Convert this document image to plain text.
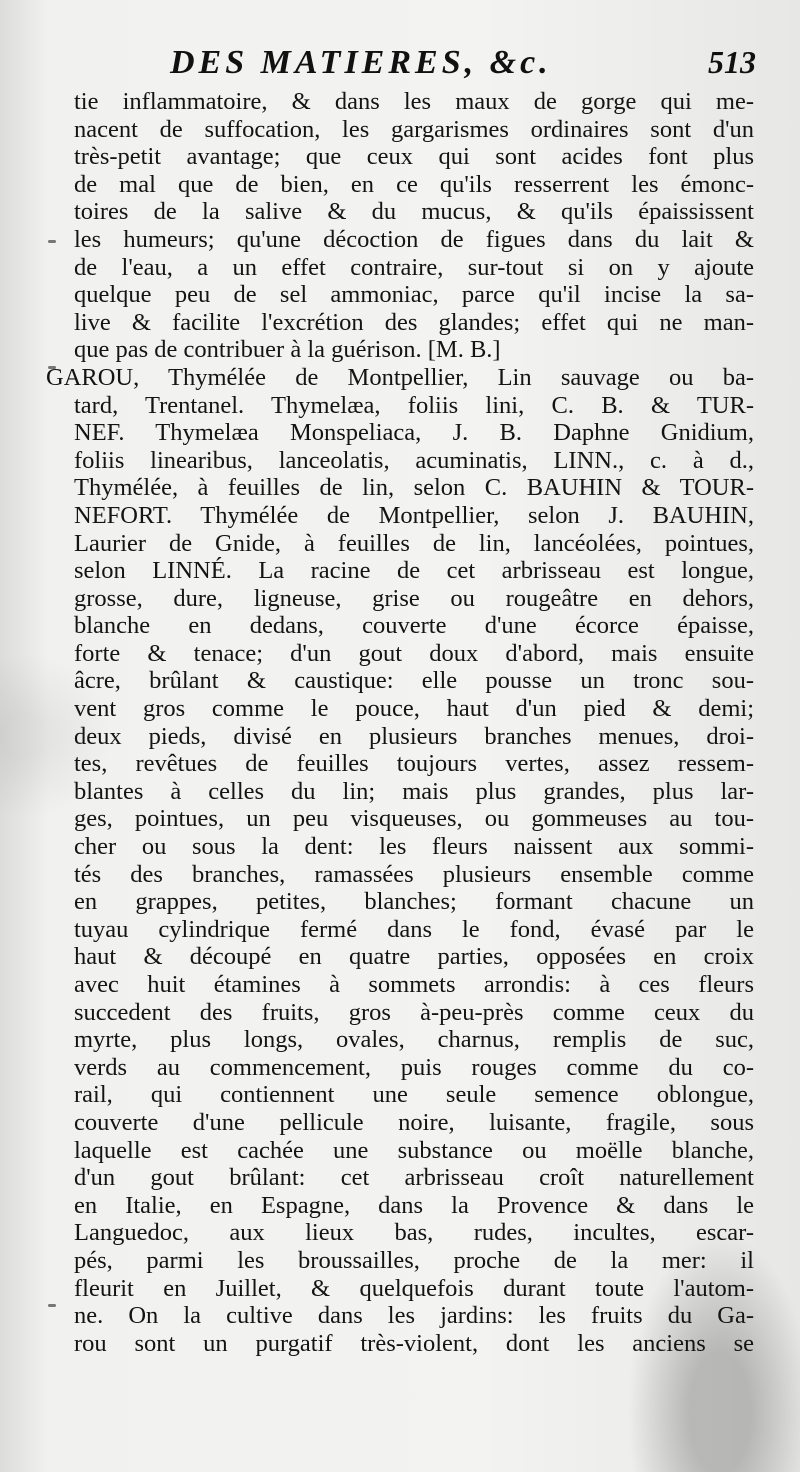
DES MATIERES, &c.	513
tie inflammatoire, & dans les maux de gorge qui me-
nacent de suffocation, les gargarismes ordinaires sont d'un
très-petit avantage; que ceux qui sont acides font plus
de mal que de bien, en ce qu'ils resserrent les émonc-
toires de la salive & du mucus, & qu'ils épaississent
les humeurs; qu'une décoction de figues dans du lait &
de l'eau, a un effet contraire, sur-tout si on y ajoute
quelque peu de sel ammoniac, parce qu'il incise la sa-
live & facilite l'excrétion des glandes; effet qui ne man-
que pas de contribuer à la guérison. [M. B.]
GAROU, Thymélée de Montpellier, Lin sauvage ou ba-
tard, Trentanel. Thymelæa, foliis lini, C. B. & TUR-
NEF. Thymelæa Monspeliaca, J. B. Daphne Gnidium,
foliis linearibus, lanceolatis, acuminatis, LINN., c. à d.,
Thymélée, à feuilles de lin, selon C. BAUHIN & TOUR-
NEFORT. Thymélée de Montpellier, selon J. BAUHIN,
Laurier de Gnide, à feuilles de lin, lancéolées, pointues,
selon LINNÉ. La racine de cet arbrisseau est longue,
grosse, dure, ligneuse, grise ou rougeâtre en dehors,
blanche en dedans, couverte d'une écorce épaisse,
forte & tenace; d'un gout doux d'abord, mais ensuite
âcre, brûlant & caustique: elle pousse un tronc sou-
vent gros comme le pouce, haut d'un pied & demi;
deux pieds, divisé en plusieurs branches menues, droi-
tes, revêtues de feuilles toujours vertes, assez ressem-
blantes à celles du lin; mais plus grandes, plus lar-
ges, pointues, un peu visqueuses, ou gommeuses au tou-
cher ou sous la dent: les fleurs naissent aux sommi-
tés des branches, ramassées plusieurs ensemble comme
en grappes, petites, blanches; formant chacune un
tuyau cylindrique fermé dans le fond, évasé par le
haut & découpé en quatre parties, opposées en croix
avec huit étamines à sommets arrondis: à ces fleurs
succedent des fruits, gros à-peu-près comme ceux du
myrte, plus longs, ovales, charnus, remplis de suc,
verds au commencement, puis rouges comme du co-
rail, qui contiennent une seule semence oblongue,
couverte d'une pellicule noire, luisante, fragile, sous
laquelle est cachée une substance ou moëlle blanche,
d'un gout brûlant: cet arbrisseau croît naturellement
en Italie, en Espagne, dans la Provence & dans le
Languedoc, aux lieux bas, rudes, incultes, escar-
pés, parmi les broussailles, proche de la mer: il
fleurit en Juillet, & quelquefois durant toute l'autom-
ne. On la cultive dans les jardins: les fruits du Ga-
rou sont un purgatif très-violent, dont les anciens se
